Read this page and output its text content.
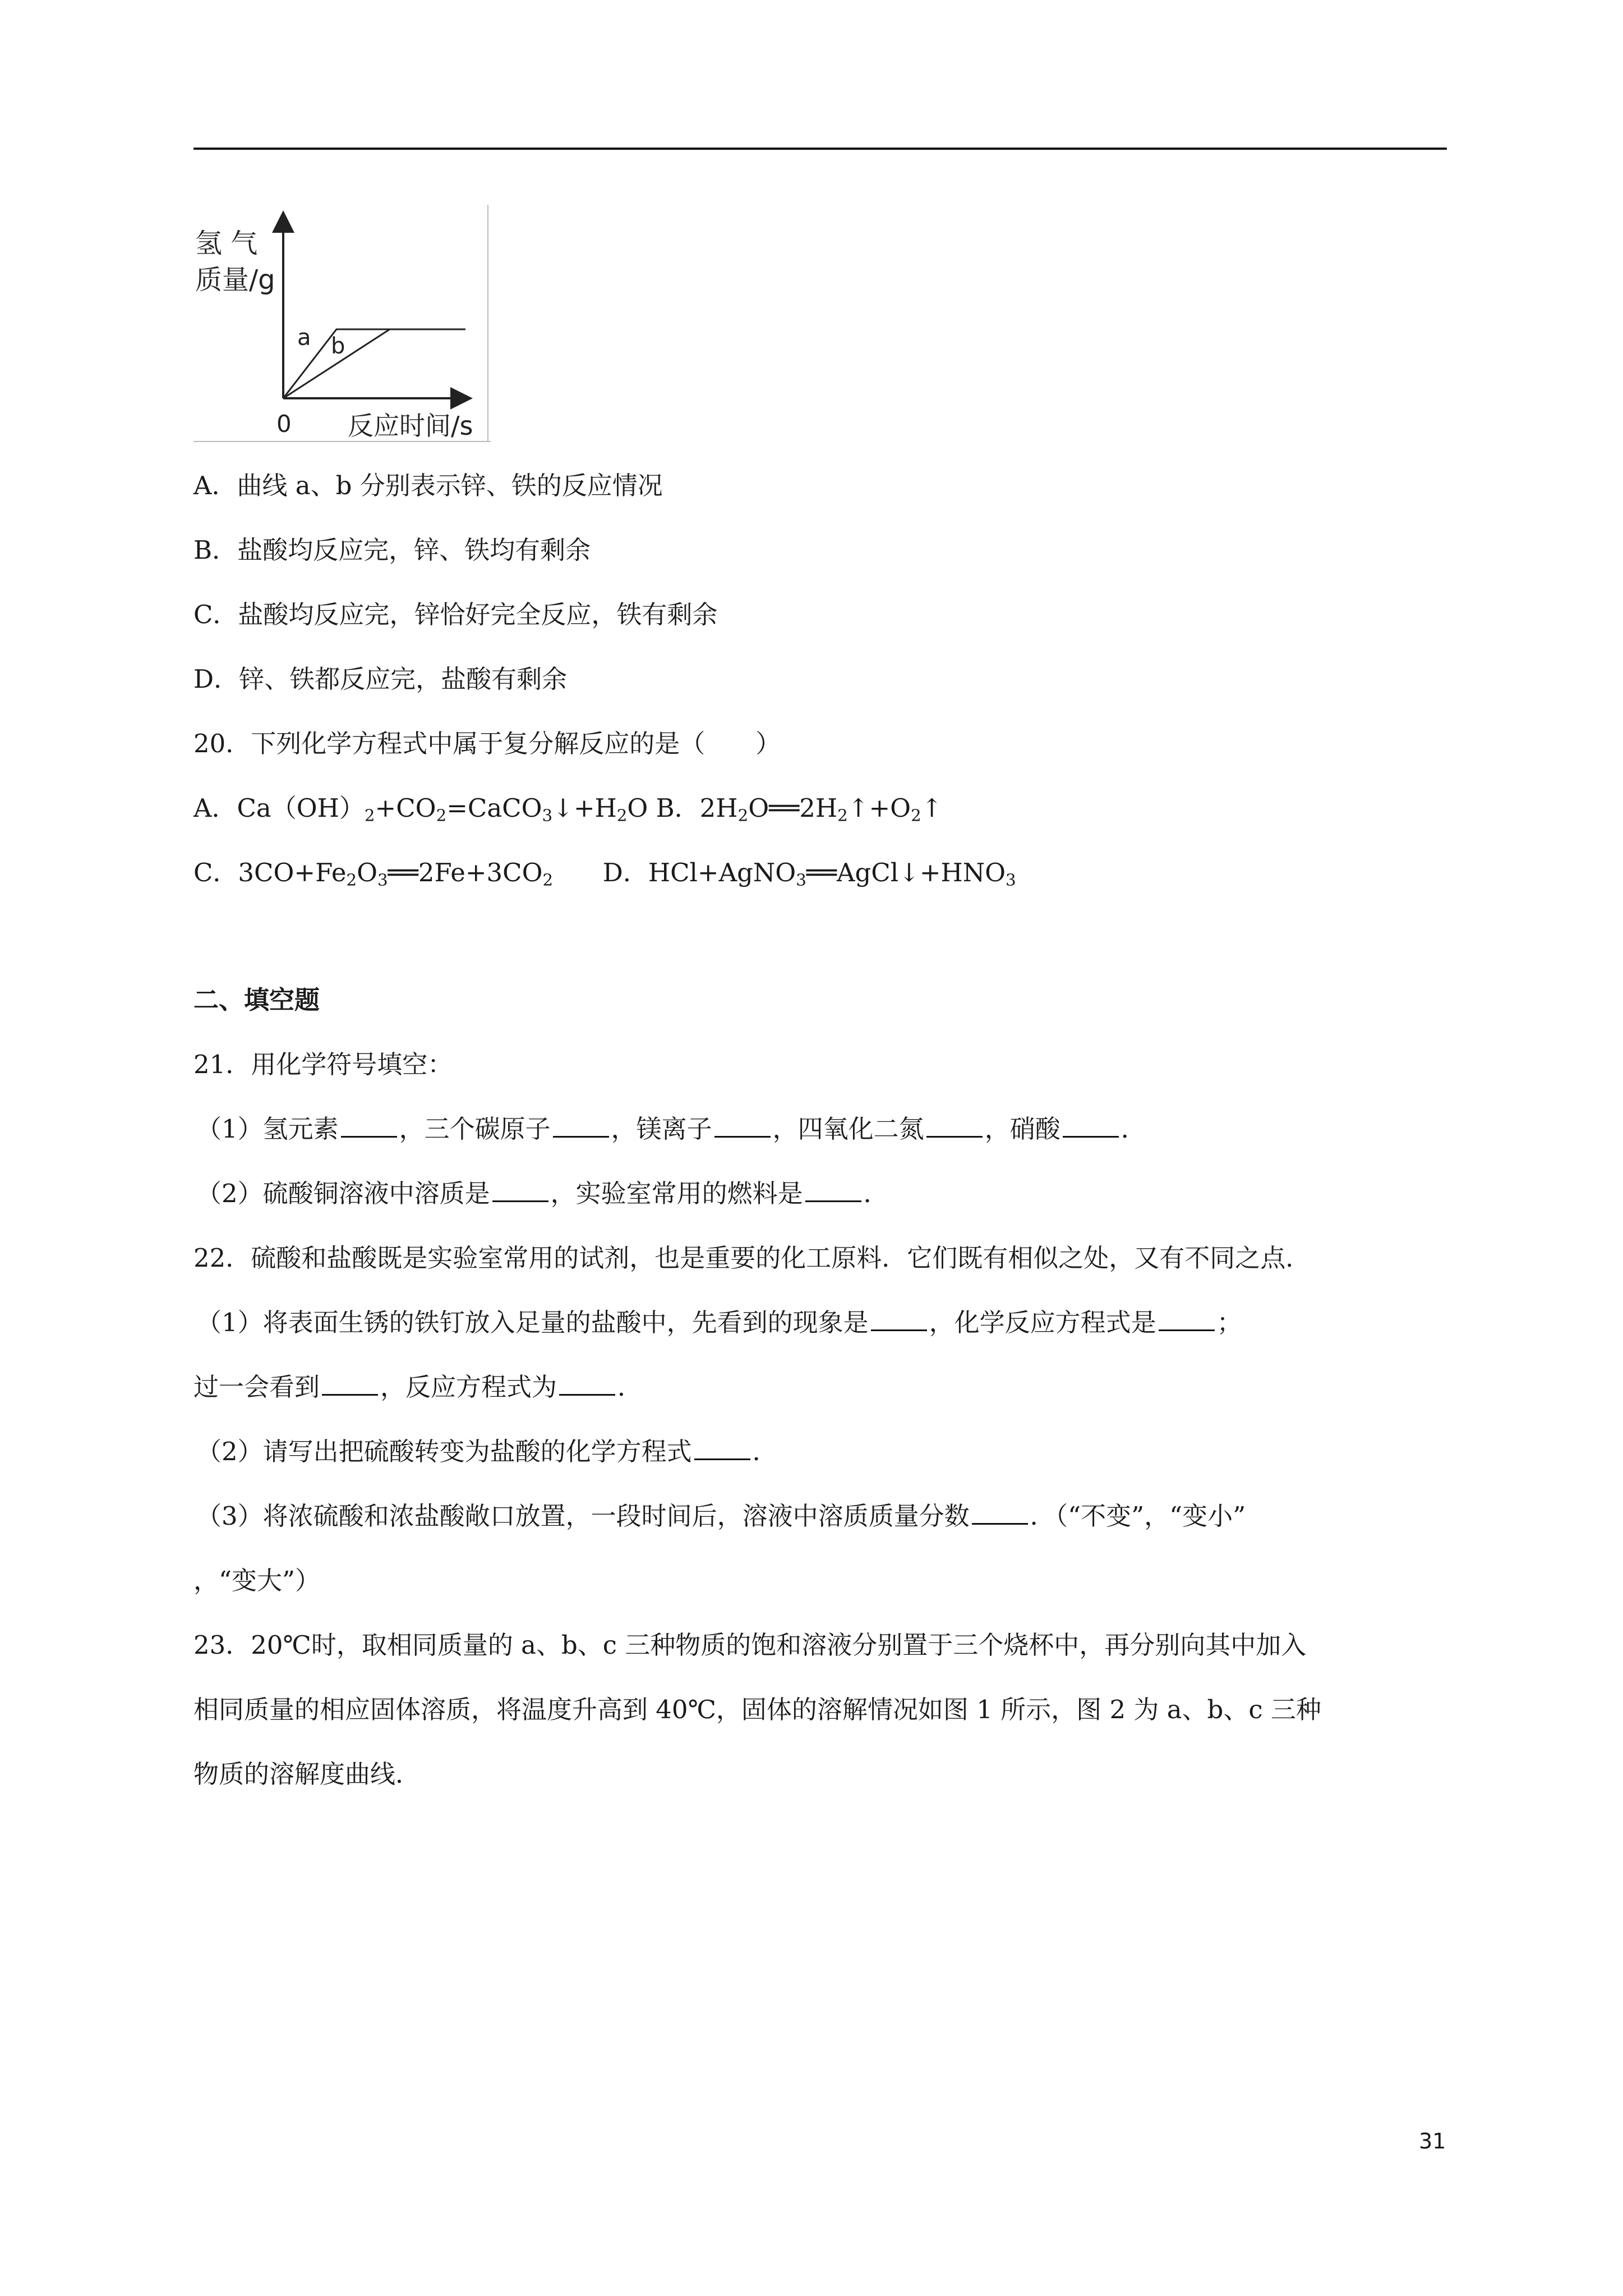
氢 气
质量/g
a b
0 反应时间/s
A．曲线 a、b 分别表示锌、铁的反应情况
B．盐酸均反应完，锌、铁均有剩余
C．盐酸均反应完，锌恰好完全反应，铁有剩余
D．锌、铁都反应完，盐酸有剩余
20．下列化学方程式中属于复分解反应的是（　　）
A．$Ca(OH)_2+CO_2=CaCO_3↓+H_2O$ B．$2H_2O══2H_2↑+O_2↑$
C．$3CO+Fe_2O_3══2Fe+3CO_2$ D．$HCl+AgNO_3══AgCl↓+HNO_3$
二、填空题
21．用化学符号填空：
（1）氢元素 ，三个碳原子 ，镁离子 ，四氧化二氮 ，硝酸 ．
（2）硫酸铜溶液中溶质是 ，实验室常用的燃料是 ．
22．硫酸和盐酸既是实验室常用的试剂，也是重要的化工原料．它们既有相似之处，又有不同之点．
（1）将表面生锈的铁钉放入足量的盐酸中，先看到的现象是 ，化学反应方程式是 ；
过一会看到 ，反应方程式为 ．
（2）请写出把硫酸转变为盐酸的化学方程式 ．
（3）将浓硫酸和浓盐酸敞口放置，一段时间后，溶液中溶质质量分数 ．（“不变”，“变小”
，“变大”）
23．20℃时，取相同质量的 a、b、c 三种物质的饱和溶液分别置于三个烧杯中，再分别向其中加入
相同质量的相应固体溶质，将温度升高到 40℃，固体的溶解情况如图 1 所示，图 2 为 a、b、c 三种
物质的溶解度曲线．
31
